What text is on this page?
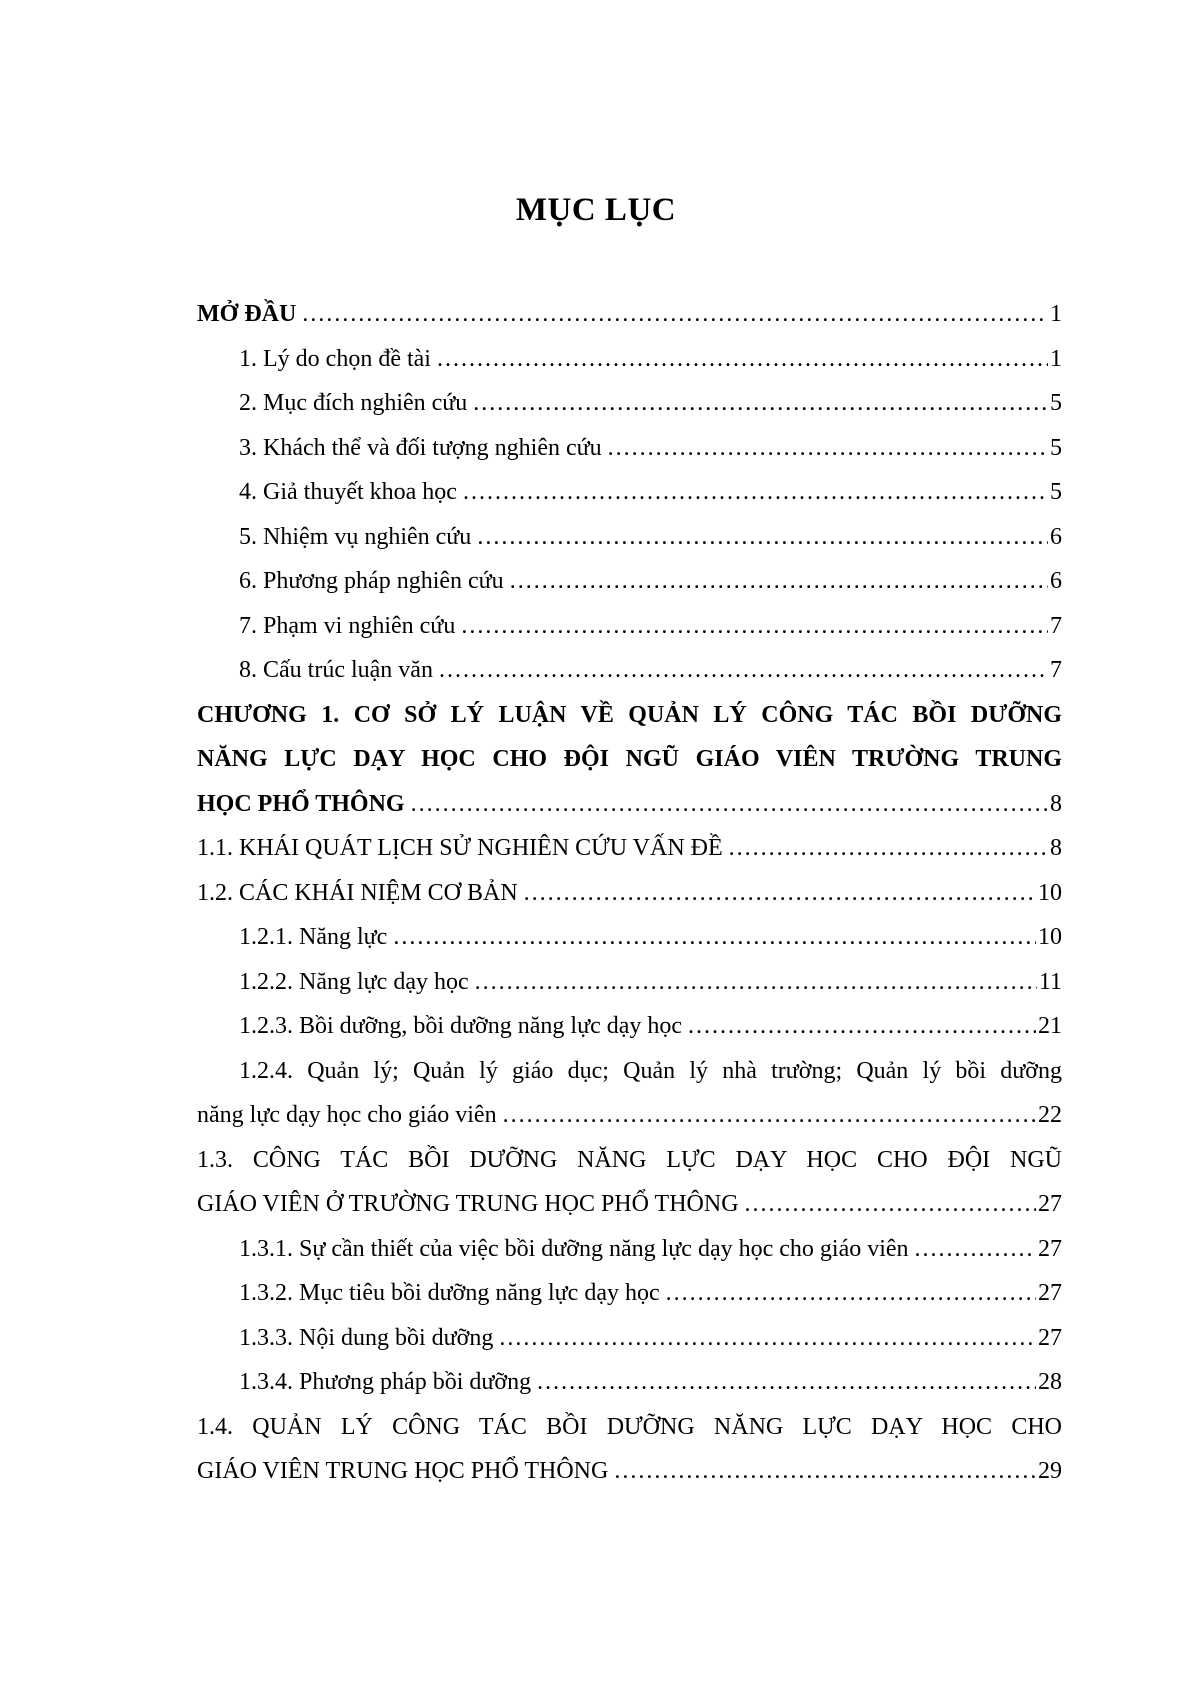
MỤC LỤC
MỞ ĐẦU . . .	1
1. Lý do chọn đề tài . . .	1
2. Mục đích nghiên cứu . . .	5
3. Khách thể và đối tượng nghiên cứu . . .	5
4. Giả thuyết khoa học . . .	5
5. Nhiệm vụ nghiên cứu . . .	6
6. Phương pháp nghiên cứu . . .	6
7. Phạm vi nghiên cứu . . .	7
8. Cấu trúc luận văn . . .	7
CHƯƠNG 1. CƠ SỞ LÝ LUẬN VỀ QUẢN LÝ CÔNG TÁC BỒI DƯỠNG
NĂNG LỰC DẠY HỌC CHO ĐỘI NGŨ GIÁO VIÊN TRƯỜNG TRUNG
HỌC PHỔ THÔNG . . .	8
1.1. KHÁI QUÁT LỊCH SỬ NGHIÊN CỨU VẤN ĐỀ . . .	8
1.2. CÁC KHÁI NIỆM CƠ BẢN . . .	10
1.2.1. Năng lực . . .	10
1.2.2. Năng lực dạy học . . .	11
1.2.3. Bồi dưỡng, bồi dưỡng năng lực dạy học . . .	21
1.2.4. Quản lý; Quản lý giáo dục; Quản lý nhà trường; Quản lý bồi dưỡng
năng lực dạy học cho giáo viên . . .	22
1.3. CÔNG TÁC BỒI DƯỠNG NĂNG LỰC DẠY HỌC CHO ĐỘI NGŨ
GIÁO VIÊN Ở TRƯỜNG TRUNG HỌC PHỔ THÔNG . . .	27
1.3.1. Sự cần thiết của việc bồi dưỡng năng lực dạy học cho giáo viên . . .	27
1.3.2. Mục tiêu bồi dưỡng năng lực dạy học . . .	27
1.3.3. Nội dung bồi dưỡng . . .	27
1.3.4. Phương pháp bồi dưỡng . . .	28
1.4. QUẢN LÝ CÔNG TÁC BỒI DƯỠNG NĂNG LỰC DẠY HỌC CHO
GIÁO VIÊN TRUNG HỌC PHỔ THÔNG . . .	29
